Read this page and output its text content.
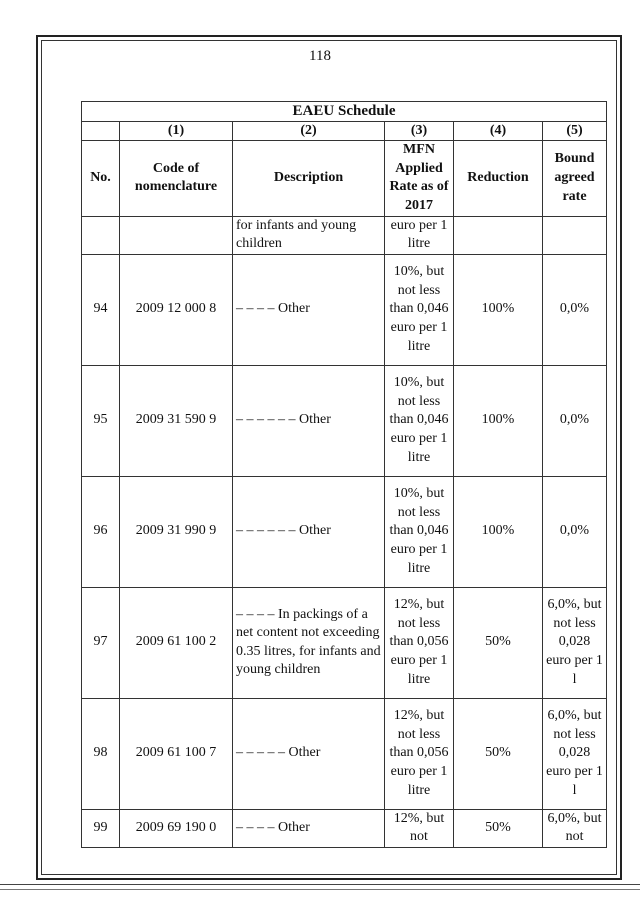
118
EAEU Schedule					
	(1)	(2)	(3)	(4)	(5)
No.	Code of nomenclature	Description	MFN Applied Rate as of 2017	Reduction	Bound agreed rate
		for infants and young children	euro per 1 litre		
94	2009 12 000 8	– – – – Other	10%, but not less than 0,046 euro per 1 litre	100%	0,0%
95	2009 31 590 9	– – – – – – Other	10%, but not less than 0,046 euro per 1 litre	100%	0,0%
96	2009 31 990 9	– – – – – – Other	10%, but not less than 0,046 euro per 1 litre	100%	0,0%
97	2009 61 100 2	– – – – In packings of a net content not exceeding 0.35 litres, for infants and young children	12%, but not less than 0,056 euro per 1 litre	50%	6,0%, but not less 0,028 euro per 1 l
98	2009 61 100 7	– – – – – Other	12%, but not less than 0,056 euro per 1 litre	50%	6,0%, but not less 0,028 euro per 1 l
99	2009 69 190 0	– – – – Other	12%, but not	50%	6,0%, but not
